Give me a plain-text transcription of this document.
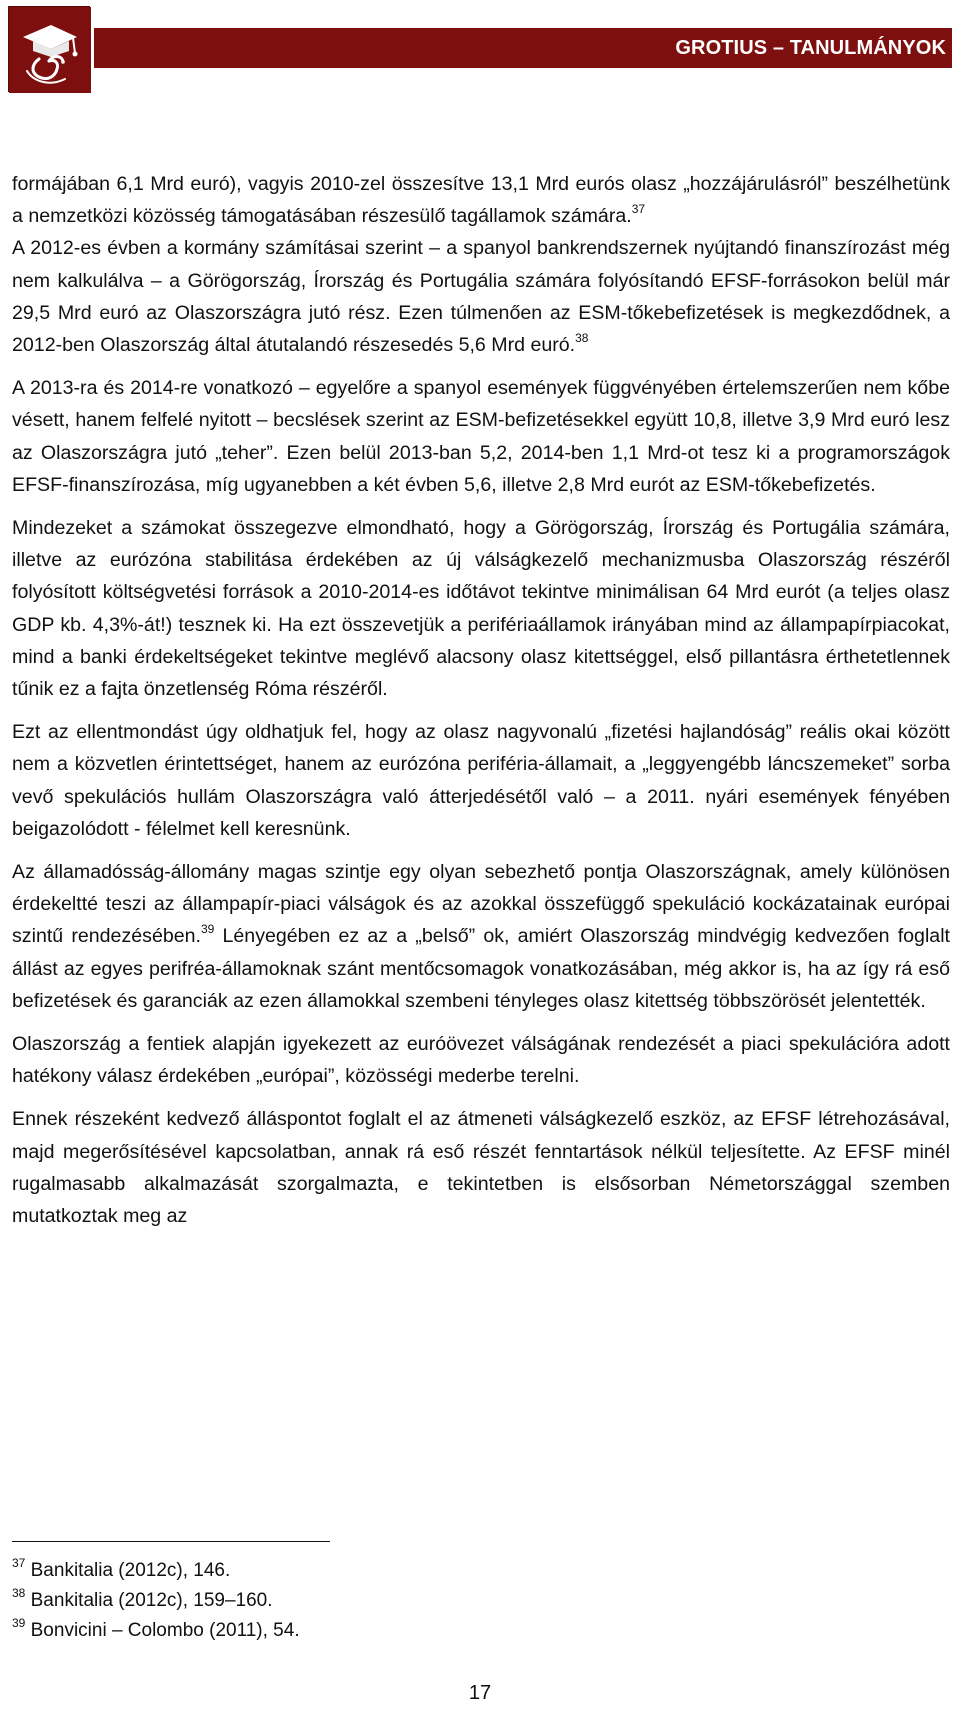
GROTIUS – TANULMÁNYOK

formájában 6,1 Mrd euró), vagyis 2010-zel összesítve 13,1 Mrd eurós olasz „hozzájárulásról” beszélhetünk a nemzetközi közösség támogatásában részesülő tagállamok számára.$^{37}$

A 2012-es évben a kormány számításai szerint – a spanyol bankrendszernek nyújtandó finanszírozást még nem kalkulálva – a Görögország, Írország és Portugália számára folyósítandó EFSF-forrásokon belül már 29,5 Mrd euró az Olaszországra jutó rész. Ezen túlmenően az ESM-tőkebefizetések is megkezdődnek, a 2012-ben Olaszország által átutalandó részesedés 5,6 Mrd euró.$^{38}$

A 2013-ra és 2014-re vonatkozó – egyelőre a spanyol események függvényében értelemszerűen nem kőbe vésett, hanem felfelé nyitott – becslések szerint az ESM-befizetésekkel együtt 10,8, illetve 3,9 Mrd euró lesz az Olaszországra jutó „teher”. Ezen belül 2013-ban 5,2, 2014-ben 1,1 Mrd-ot tesz ki a programországok EFSF-finanszírozása, míg ugyanebben a két évben 5,6, illetve 2,8 Mrd eurót az ESM-tőkebefizetés.

Mindezeket a számokat összegezve elmondható, hogy a Görögország, Írország és Portugália számára, illetve az eurózóna stabilitása érdekében az új válságkezelő mechanizmusba Olaszország részéről folyósított költségvetési források a 2010-2014-es időtávot tekintve minimálisan 64 Mrd eurót (a teljes olasz GDP kb. 4,3%-át!) tesznek ki. Ha ezt összevetjük a perifériaállamok irányában mind az állampapírpiacokat, mind a banki érdekeltségeket tekintve meglévő alacsony olasz kitettséggel, első pillantásra érthetetlennek tűnik ez a fajta önzetlenség Róma részéről.

Ezt az ellentmondást úgy oldhatjuk fel, hogy az olasz nagyvonalú „fizetési hajlandóság” reális okai között nem a közvetlen érintettséget, hanem az eurózóna periféria-államait, a „leggyengébb láncszemeket” sorba vevő spekulációs hullám Olaszországra való átterjedésétől való – a 2011. nyári események fényében beigazolódott - félelmet kell keresnünk.

Az államadósság-állomány magas szintje egy olyan sebezhető pontja Olaszországnak, amely különösen érdekeltté teszi az állampapír-piaci válságok és az azokkal összefüggő spekuláció kockázatainak európai szintű rendezésében.$^{39}$ Lényegében ez az a „belső” ok, amiért Olaszország mindvégig kedvezően foglalt állást az egyes perifréa-államoknak szánt mentőcsomagok vonatkozásában, még akkor is, ha az így rá eső befizetések és garanciák az ezen államokkal szembeni tényleges olasz kitettség többszörösét jelentették.

Olaszország a fentiek alapján igyekezett az euróövezet válságának rendezését a piaci spekulációra adott hatékony válasz érdekében „európai”, közösségi mederbe terelni.

Ennek részeként kedvező álláspontot foglalt el az átmeneti válságkezelő eszköz, az EFSF létrehozásával, majd megerősítésével kapcsolatban, annak rá eső részét fenntartások nélkül teljesítette. Az EFSF minél rugalmasabb alkalmazását szorgalmazta, e tekintetben is elsősorban Németországgal szemben mutatkoztak meg az

$^{37}$ Bankitalia (2012c), 146.

$^{38}$ Bankitalia (2012c), 159–160.

$^{39}$ Bonvicini – Colombo (2011), 54.

17
